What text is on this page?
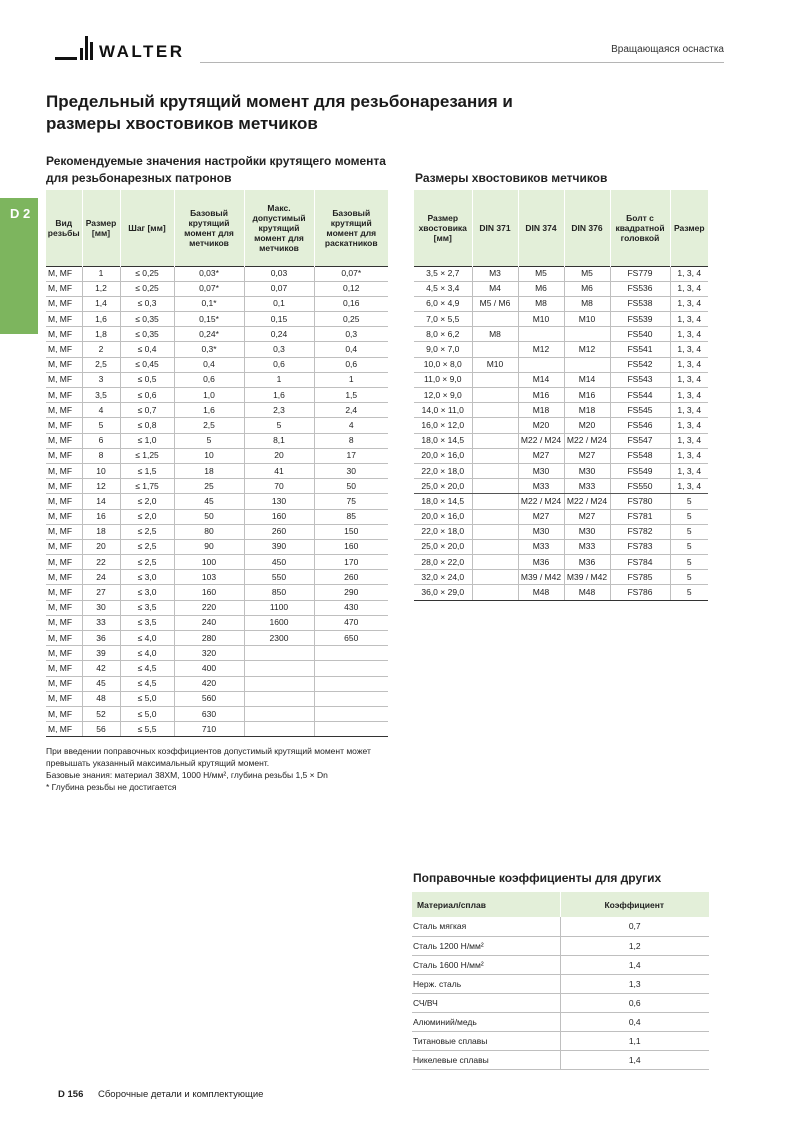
WALTER	Вращающаяся оснастка
D 2
Предельный крутящий момент для резьбонарезания и размеры хвостовиков метчиков
Рекомендуемые значения настройки крутящего момента для резьбонарезных патронов
Вид резьбы	Размер [мм]	Шаг [мм]	Базовый крутящий момент для метчиков	Макс. допустимый крутящий момент для метчиков	Базовый крутящий момент для раскатников
M, MF	1	≤ 0,25	0,03*	0,03	0,07*
M, MF	1,2	≤ 0,25	0,07*	0,07	0,12
M, MF	1,4	≤ 0,3	0,1*	0,1	0,16
M, MF	1,6	≤ 0,35	0,15*	0,15	0,25
M, MF	1,8	≤ 0,35	0,24*	0,24	0,3
M, MF	2	≤ 0,4	0,3*	0,3	0,4
M, MF	2,5	≤ 0,45	0,4	0,6	0,6
M, MF	3	≤ 0,5	0,6	1	1
M, MF	3,5	≤ 0,6	1,0	1,6	1,5
M, MF	4	≤ 0,7	1,6	2,3	2,4
M, MF	5	≤ 0,8	2,5	5	4
M, MF	6	≤ 1,0	5	8,1	8
M, MF	8	≤ 1,25	10	20	17
M, MF	10	≤ 1,5	18	41	30
M, MF	12	≤ 1,75	25	70	50
M, MF	14	≤ 2,0	45	130	75
M, MF	16	≤ 2,0	50	160	85
M, MF	18	≤ 2,5	80	260	150
M, MF	20	≤ 2,5	90	390	160
M, MF	22	≤ 2,5	100	450	170
M, MF	24	≤ 3,0	103	550	260
M, MF	27	≤ 3,0	160	850	290
M, MF	30	≤ 3,5	220	1100	430
M, MF	33	≤ 3,5	240	1600	470
M, MF	36	≤ 4,0	280	2300	650
M, MF	39	≤ 4,0	320		
M, MF	42	≤ 4,5	400		
M, MF	45	≤ 4,5	420		
M, MF	48	≤ 5,0	560		
M, MF	52	≤ 5,0	630		
M, MF	56	≤ 5,5	710		

При введении поправочных коэффициентов допустимый крутящий момент может превышать указанный максимальный крутящий момент.

Базовые знания: материал 38ХМ, 1000 Н/мм², глубина резьбы 1,5 × Dn

* Глубина резьбы не достигается

Размеры хвостовиков метчиков
Размер хвостовика [мм]	DIN 371	DIN 374	DIN 376	Болт с квадратной головкой	Размер
3,5 × 2,7	M3	M5	M5	FS779	1, 3, 4
4,5 × 3,4	M4	M6	M6	FS536	1, 3, 4
6,0 × 4,9	M5 / M6	M8	M8	FS538	1, 3, 4
7,0 × 5,5		M10	M10	FS539	1, 3, 4
8,0 × 6,2	M8			FS540	1, 3, 4
9,0 × 7,0		M12	M12	FS541	1, 3, 4
10,0 × 8,0	M10			FS542	1, 3, 4
11,0 × 9,0		M14	M14	FS543	1, 3, 4
12,0 × 9,0		M16	M16	FS544	1, 3, 4
14,0 × 11,0		M18	M18	FS545	1, 3, 4
16,0 × 12,0		M20	M20	FS546	1, 3, 4
18,0 × 14,5		M22 / M24	M22 / M24	FS547	1, 3, 4
20,0 × 16,0		M27	M27	FS548	1, 3, 4
22,0 × 18,0		M30	M30	FS549	1, 3, 4
25,0 × 20,0		M33	M33	FS550	1, 3, 4
18,0 × 14,5		M22 / M24	M22 / M24	FS780	5
20,0 × 16,0		M27	M27	FS781	5
22,0 × 18,0		M30	M30	FS782	5
25,0 × 20,0		M33	M33	FS783	5
28,0 × 22,0		M36	M36	FS784	5
32,0 × 24,0		M39 / M42	M39 / M42	FS785	5
36,0 × 29,0		M48	M48	FS786	5
Поправочные коэффициенты для других
Материал/сплав	Коэффициент
Сталь мягкая	0,7
Сталь 1200 Н/мм²	1,2
Сталь 1600 Н/мм²	1,4
Нерж. сталь	1,3
СЧ/ВЧ	0,6
Алюминий/медь	0,4
Титановые сплавы	1,1
Никелевые сплавы	1,4
D 156 Сборочные детали и комплектующие
